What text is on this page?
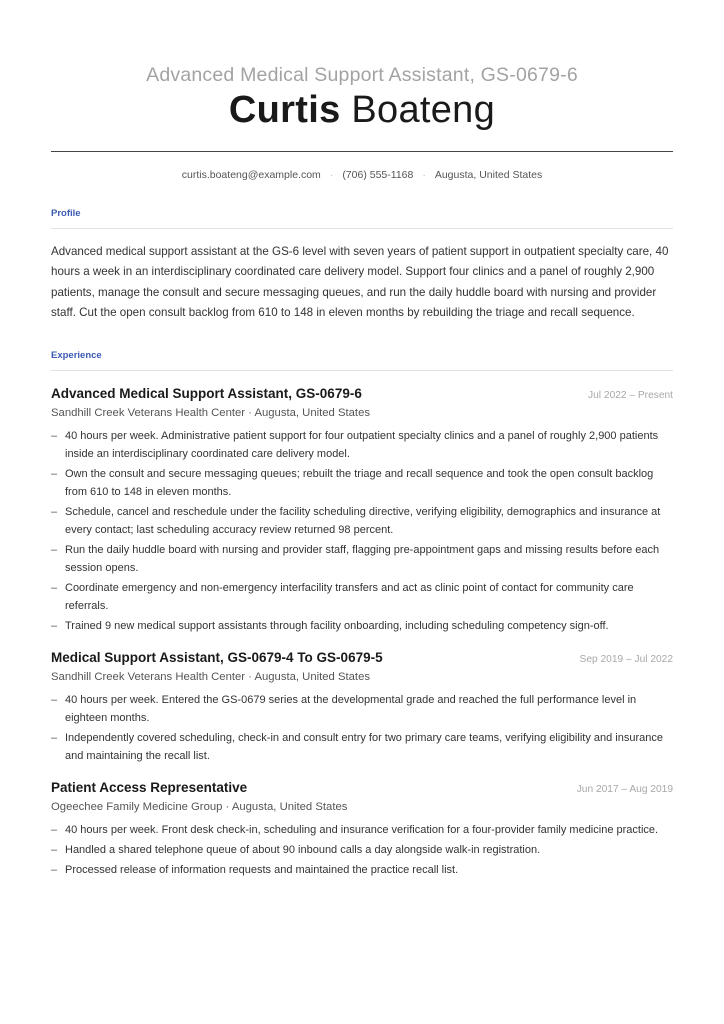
Advanced Medical Support Assistant, GS-0679-6
Curtis Boateng
curtis.boateng@example.com · (706) 555-1168 · Augusta, United States
Profile
Advanced medical support assistant at the GS-6 level with seven years of patient support in outpatient specialty care, 40 hours a week in an interdisciplinary coordinated care delivery model. Support four clinics and a panel of roughly 2,900 patients, manage the consult and secure messaging queues, and run the daily huddle board with nursing and provider staff. Cut the open consult backlog from 610 to 148 in eleven months by rebuilding the triage and recall sequence.
Experience
Advanced Medical Support Assistant, GS-0679-6	Jul 2022 – Present
Sandhill Creek Veterans Health Center · Augusta, United States
– 40 hours per week. Administrative patient support for four outpatient specialty clinics and a panel of roughly 2,900 patients inside an interdisciplinary coordinated care delivery model.
– Own the consult and secure messaging queues; rebuilt the triage and recall sequence and took the open consult backlog from 610 to 148 in eleven months.
– Schedule, cancel and reschedule under the facility scheduling directive, verifying eligibility, demographics and insurance at every contact; last scheduling accuracy review returned 98 percent.
– Run the daily huddle board with nursing and provider staff, flagging pre-appointment gaps and missing results before each session opens.
– Coordinate emergency and non-emergency interfacility transfers and act as clinic point of contact for community care referrals.
– Trained 9 new medical support assistants through facility onboarding, including scheduling competency sign-off.
Medical Support Assistant, GS-0679-4 To GS-0679-5	Sep 2019 – Jul 2022
Sandhill Creek Veterans Health Center · Augusta, United States
– 40 hours per week. Entered the GS-0679 series at the developmental grade and reached the full performance level in eighteen months.
– Independently covered scheduling, check-in and consult entry for two primary care teams, verifying eligibility and insurance and maintaining the recall list.
Patient Access Representative	Jun 2017 – Aug 2019
Ogeechee Family Medicine Group · Augusta, United States
– 40 hours per week. Front desk check-in, scheduling and insurance verification for a four-provider family medicine practice.
– Handled a shared telephone queue of about 90 inbound calls a day alongside walk-in registration.
– Processed release of information requests and maintained the practice recall list.
